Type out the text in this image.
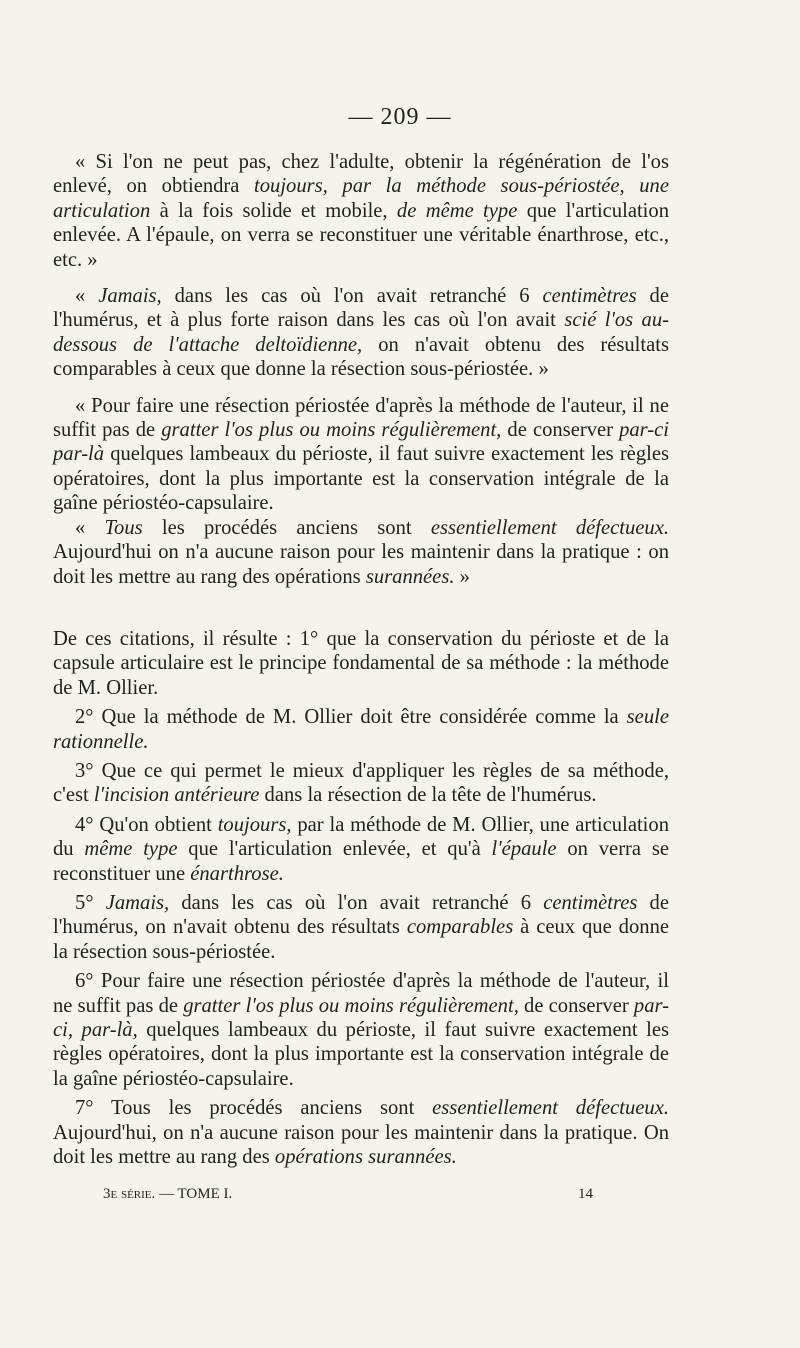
— 209 —

« Si l'on ne peut pas, chez l'adulte, obtenir la régénération de l'os enlevé, on obtiendra toujours, par la méthode sous-périostée, une articulation à la fois solide et mobile, de même type que l'articulation enlevée. A l'épaule, on verra se reconstituer une véritable énarthrose, etc., etc. »

« Jamais, dans les cas où l'on avait retranché 6 centimètres de l'humérus, et à plus forte raison dans les cas où l'on avait scié l'os au-dessous de l'attache deltoïdienne, on n'avait obtenu des résultats comparables à ceux que donne la résection sous-périostée. »

« Pour faire une résection périostée d'après la méthode de l'auteur, il ne suffit pas de gratter l'os plus ou moins régulièrement, de conserver par-ci par-là quelques lambeaux du périoste, il faut suivre exactement les règles opératoires, dont la plus importante est la conservation intégrale de la gaîne périostéo-capsulaire.

« Tous les procédés anciens sont essentiellement défectueux. Aujourd'hui on n'a aucune raison pour les maintenir dans la pratique : on doit les mettre au rang des opérations surannées. »

De ces citations, il résulte : 1° que la conservation du périoste et de la capsule articulaire est le principe fondamental de sa méthode : la méthode de M. Ollier.

2° Que la méthode de M. Ollier doit être considérée comme la seule rationnelle.

3° Que ce qui permet le mieux d'appliquer les règles de sa méthode, c'est l'incision antérieure dans la résection de la tête de l'humérus.

4° Qu'on obtient toujours, par la méthode de M. Ollier, une articulation du même type que l'articulation enlevée, et qu'à l'épaule on verra se reconstituer une énarthrose.

5° Jamais, dans les cas où l'on avait retranché 6 centimètres de l'humérus, on n'avait obtenu des résultats comparables à ceux que donne la résection sous-périostée.

6° Pour faire une résection périostée d'après la méthode de l'auteur, il ne suffit pas de gratter l'os plus ou moins régulièrement, de conserver par-ci, par-là, quelques lambeaux du périoste, il faut suivre exactement les règles opératoires, dont la plus importante est la conservation intégrale de la gaîne périostéo-capsulaire.

7° Tous les procédés anciens sont essentiellement défectueux. Aujourd'hui, on n'a aucune raison pour les maintenir dans la pratique. On doit les mettre au rang des opérations surannées.

3e série. — TOME I.	14
